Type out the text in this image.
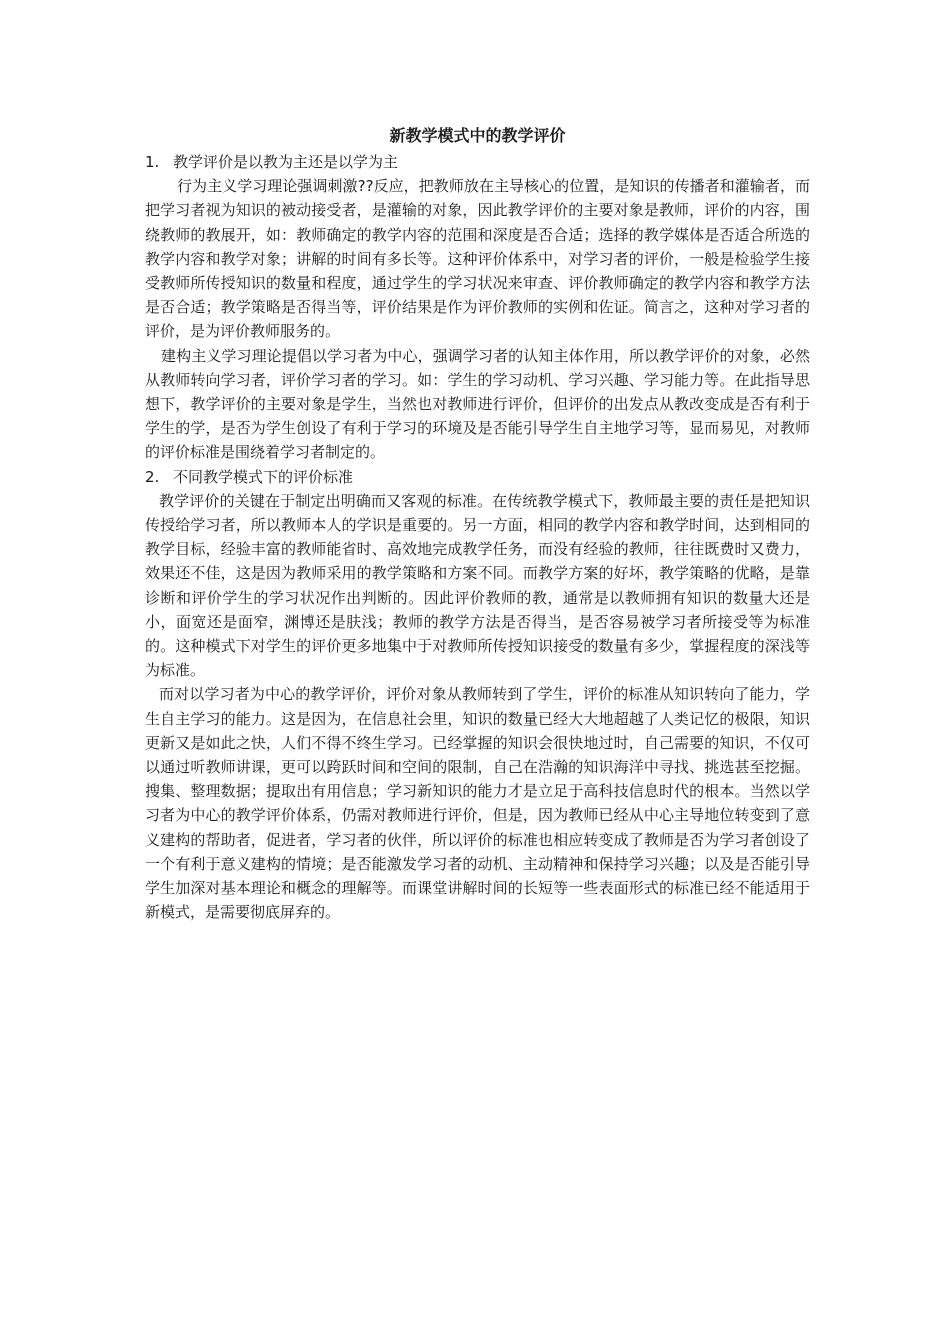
新教学模式中的教学评价
1. 教学评价是以教为主还是以学为主

行为主义学习理论强调刺激??反应，把教师放在主导核心的位置，是知识的传播者和灌输者，而把学习者视为知识的被动接受者，是灌输的对象，因此教学评价的主要对象是教师，评价的内容，围绕教师的教展开，如：教师确定的教学内容的范围和深度是否合适；选择的教学媒体是否适合所选的教学内容和教学对象；讲解的时间有多长等。这种评价体系中，对学习者的评价，一般是检验学生接受教师所传授知识的数量和程度，通过学生的学习状况来审查、评价教师确定的教学内容和教学方法是否合适；教学策略是否得当等，评价结果是作为评价教师的实例和佐证。简言之，这种对学习者的评价，是为评价教师服务的。

建构主义学习理论提倡以学习者为中心，强调学习者的认知主体作用，所以教学评价的对象，必然从教师转向学习者，评价学习者的学习。如：学生的学习动机、学习兴趣、学习能力等。在此指导思想下，教学评价的主要对象是学生，当然也对教师进行评价，但评价的出发点从教改变成是否有利于学生的学，是否为学生创设了有利于学习的环境及是否能引导学生自主地学习等，显而易见，对教师的评价标准是围绕着学习者制定的。

2. 不同教学模式下的评价标准

教学评价的关键在于制定出明确而又客观的标准。在传统教学模式下，教师最主要的责任是把知识传授给学习者，所以教师本人的学识是重要的。另一方面，相同的教学内容和教学时间，达到相同的教学目标，经验丰富的教师能省时、高效地完成教学任务，而没有经验的教师，往往既费时又费力，效果还不佳，这是因为教师采用的教学策略和方案不同。而教学方案的好坏，教学策略的优略，是靠诊断和评价学生的学习状况作出判断的。因此评价教师的教，通常是以教师拥有知识的数量大还是小，面宽还是面窄，渊博还是肤浅；教师的教学方法是否得当，是否容易被学习者所接受等为标准的。这种模式下对学生的评价更多地集中于对教师所传授知识接受的数量有多少，掌握程度的深浅等为标准。

而对以学习者为中心的教学评价，评价对象从教师转到了学生，评价的标准从知识转向了能力，学生自主学习的能力。这是因为，在信息社会里，知识的数量已经大大地超越了人类记忆的极限，知识更新又是如此之快，人们不得不终生学习。已经掌握的知识会很快地过时，自己需要的知识，不仅可以通过听教师讲课，更可以跨跃时间和空间的限制，自己在浩瀚的知识海洋中寻找、挑选甚至挖掘。搜集、整理数据；提取出有用信息；学习新知识的能力才是立足于高科技信息时代的根本。当然以学习者为中心的教学评价体系，仍需对教师进行评价，但是，因为教师已经从中心主导地位转变到了意义建构的帮助者，促进者，学习者的伙伴，所以评价的标准也相应转变成了教师是否为学习者创设了一个有利于意义建构的情境；是否能激发学习者的动机、主动精神和保持学习兴趣；以及是否能引导学生加深对基本理论和概念的理解等。而课堂讲解时间的长短等一些表面形式的标准已经不能适用于新模式，是需要彻底屏弃的。
